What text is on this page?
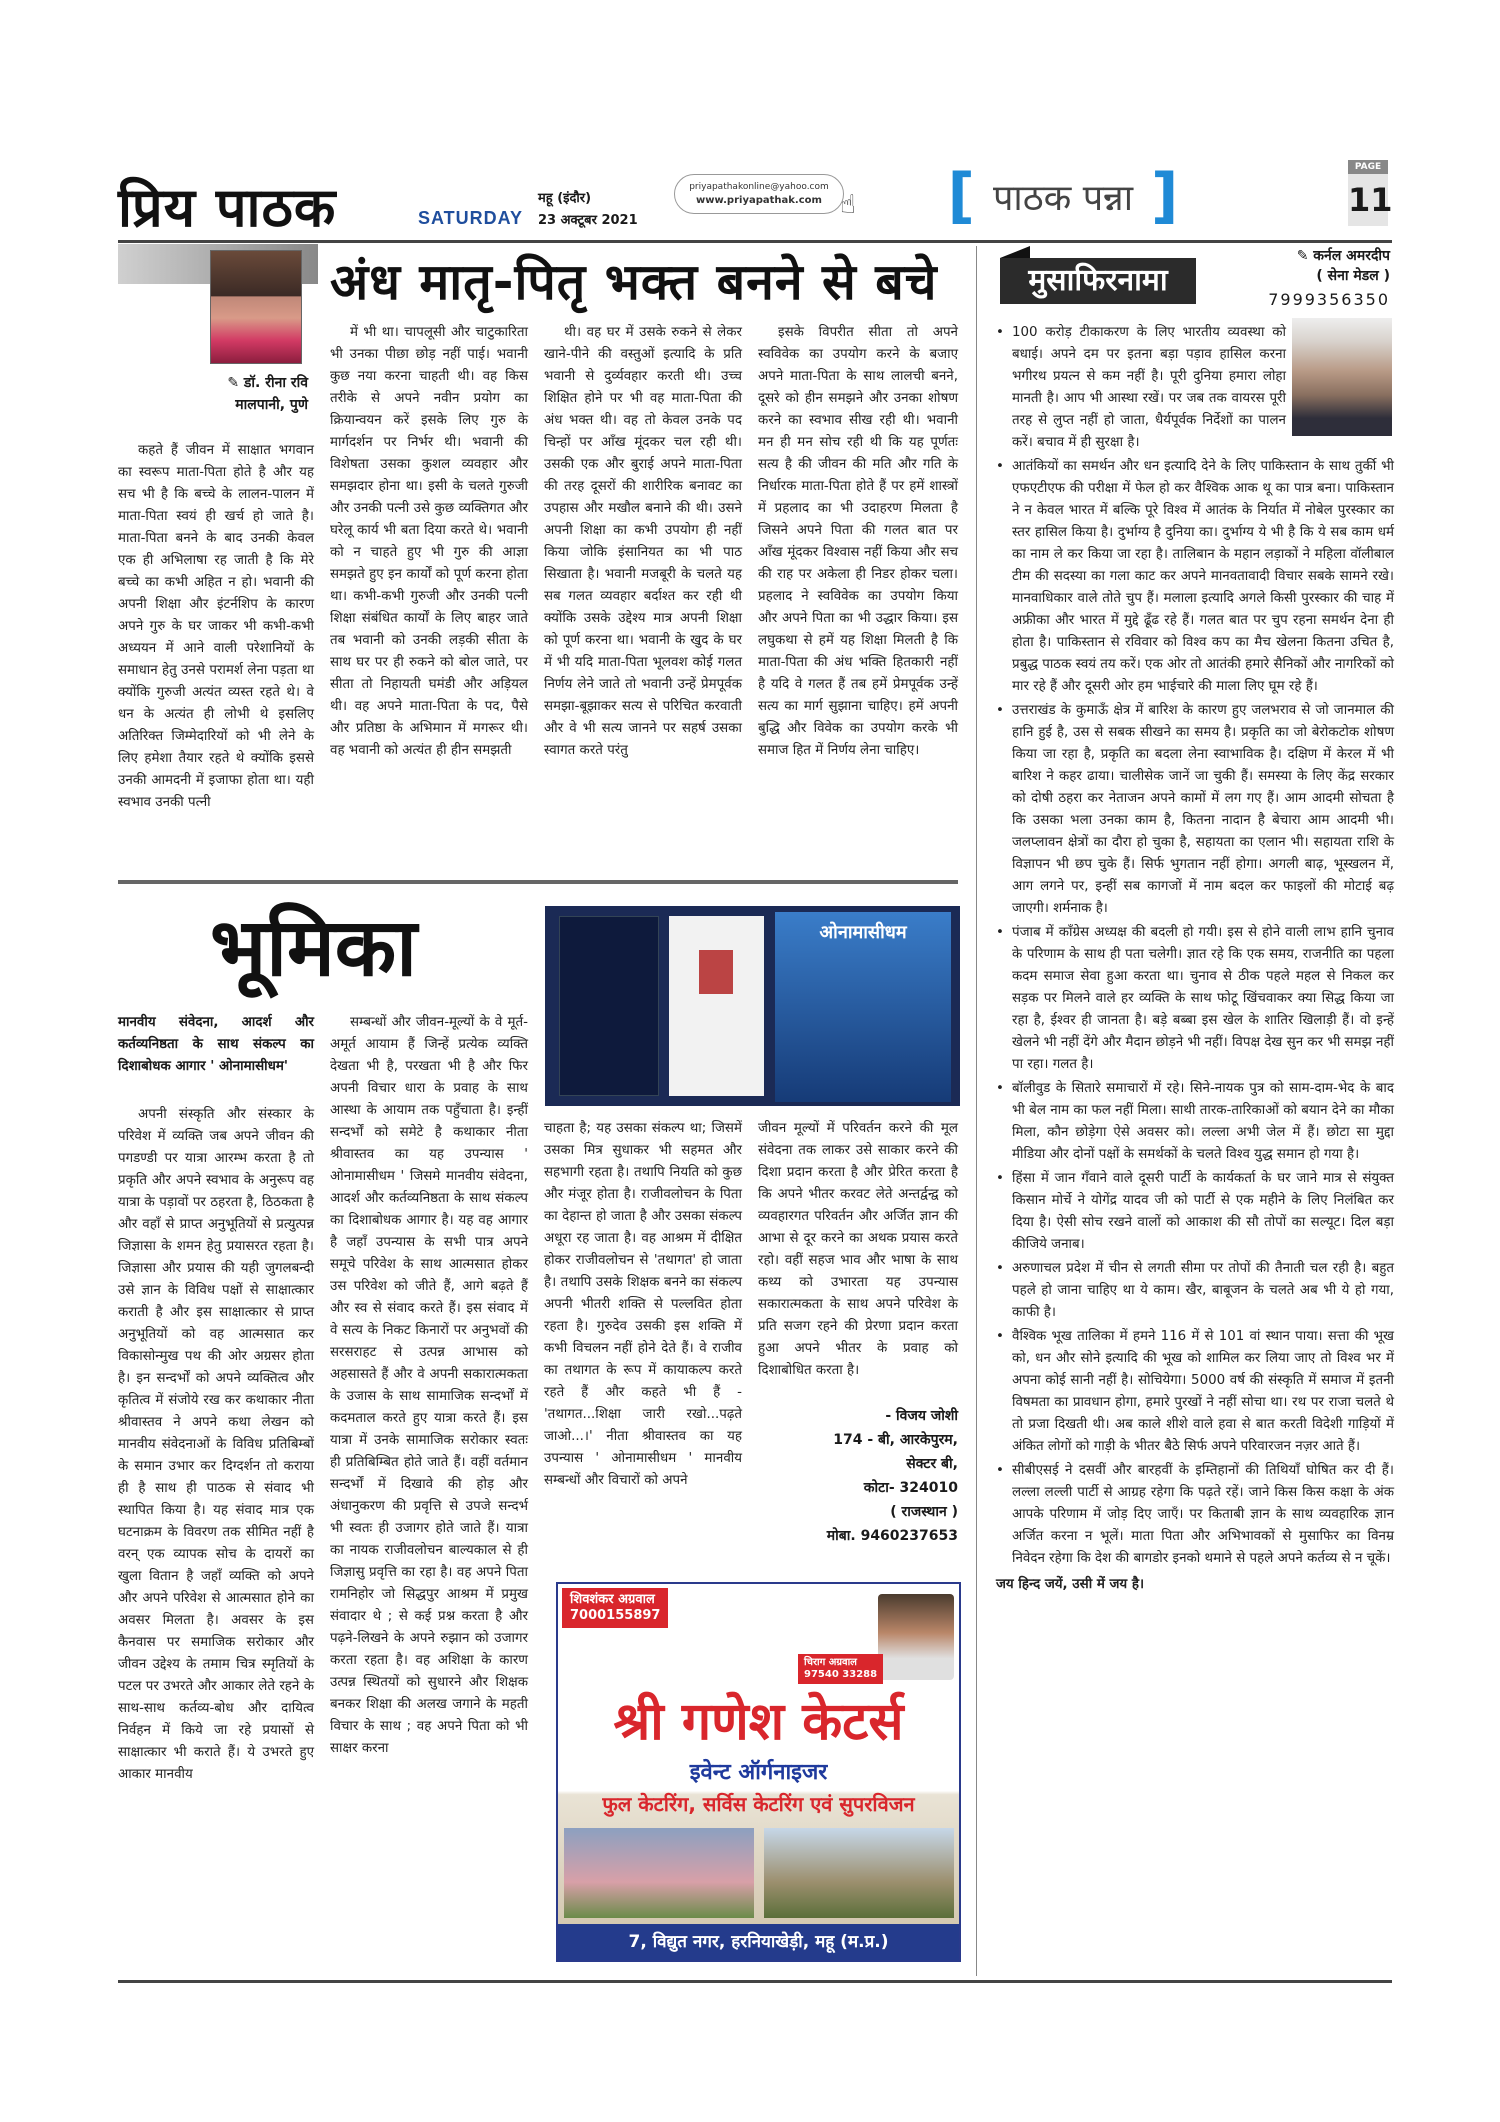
प्रिय पाठक	SATURDAY
महू (इंदौर)
23 अक्टूबर 2021
priyapathakonline@yahoo.com
www.priyapathak.com ☝ [ पाठक पन्ना ]	PAGE
11
अंध मातृ-पितृ भक्त बनने से बचे
✎ डॉ. रीना रवि
मालपानी, पुणे

कहते हैं जीवन में साक्षात भगवान का स्वरूप माता-पिता होते है और यह सच भी है कि बच्चे के लालन-पालन में माता-पिता स्वयं ही खर्च हो जाते है। माता-पिता बनने के बाद उनकी केवल एक ही अभिलाषा रह जाती है कि मेरे बच्चे का कभी अहित न हो। भवानी की अपनी शिक्षा और इंटर्नशिप के कारण अपने गुरु के घर जाकर भी कभी-कभी अध्ययन में आने वाली परेशानियों के समाधान हेतु उनसे परामर्श लेना पड़ता था क्योंकि गुरुजी अत्यंत व्यस्त रहते थे। वे धन के अत्यंत ही लोभी थे इसलिए अतिरिक्त जिम्मेदारियों को भी लेने के लिए हमेशा तैयार रहते थे क्योंकि इससे उनकी आमदनी में इजाफा होता था। यही स्वभाव उनकी पत्नी

में भी था। चापलूसी और चाटुकारिता भी उनका पीछा छोड़ नहीं पाई। भवानी कुछ नया करना चाहती थी। वह किस तरीके से अपने नवीन प्रयोग का क्रियान्वयन करें इसके लिए गुरु के मार्गदर्शन पर निर्भर थी। भवानी की विशेषता उसका कुशल व्यवहार और समझदार होना था। इसी के चलते गुरुजी और उनकी पत्नी उसे कुछ व्यक्तिगत और घरेलू कार्य भी बता दिया करते थे। भवानी को न चाहते हुए भी गुरु की आज्ञा समझते हुए इन कार्यों को पूर्ण करना होता था। कभी-कभी गुरुजी और उनकी पत्नी शिक्षा संबंधित कार्यों के लिए बाहर जाते तब भवानी को उनकी लड़की सीता के साथ घर पर ही रुकने को बोल जाते, पर सीता तो निहायती घमंडी और अड़ियल थी। वह अपने माता-पिता के पद, पैसे और प्रतिष्ठा के अभिमान में मगरूर थी। वह भवानी को अत्यंत ही हीन समझती

थी। वह घर में उसके रुकने से लेकर खाने-पीने की वस्तुओं इत्यादि के प्रति भवानी से दुर्व्यवहार करती थी। उच्च शिक्षित होने पर भी वह माता-पिता की अंध भक्त थी। वह तो केवल उनके पद चिन्हों पर आँख मूंदकर चल रही थी। उसकी एक और बुराई अपने माता-पिता की तरह दूसरों की शारीरिक बनावट का उपहास और मखौल बनाने की थी। उसने अपनी शिक्षा का कभी उपयोग ही नहीं किया जोकि इंसानियत का भी पाठ सिखाता है। भवानी मजबूरी के चलते यह सब गलत व्यवहार बर्दाश्त कर रही थी क्योंकि उसके उद्देश्य मात्र अपनी शिक्षा को पूर्ण करना था। भवानी के खुद के घर में भी यदि माता-पिता भूलवश कोई गलत निर्णय लेने जाते तो भवानी उन्हें प्रेमपूर्वक समझा-बूझाकर सत्य से परिचित करवाती और वे भी सत्य जानने पर सहर्ष उसका स्वागत करते परंतु

इसके विपरीत सीता तो अपने स्वविवेक का उपयोग करने के बजाए अपने माता-पिता के साथ लालची बनने, दूसरे को हीन समझने और उनका शोषण करने का स्वभाव सीख रही थी। भवानी मन ही मन सोच रही थी कि यह पूर्णतः सत्य है की जीवन की मति और गति के निर्धारक माता-पिता होते हैं पर हमें शास्त्रों में प्रहलाद का भी उदाहरण मिलता है जिसने अपने पिता की गलत बात पर आँख मूंदकर विश्वास नहीं किया और सच की राह पर अकेला ही निडर होकर चला। प्रहलाद ने स्वविवेक का उपयोग किया और अपने पिता का भी उद्धार किया। इस लघुकथा से हमें यह शिक्षा मिलती है कि माता-पिता की अंध भक्ति हितकारी नहीं है यदि वे गलत हैं तब हमें प्रेमपूर्वक उन्हें सत्य का मार्ग सुझाना चाहिए। हमें अपनी बुद्धि और विवेक का उपयोग करके भी समाज हित में निर्णय लेना चाहिए।

भूमिका
मानवीय संवेदना, आदर्श और कर्तव्यनिष्ठता के साथ संकल्प का दिशाबोधक आगार ' ओनामासीधम'

अपनी संस्कृति और संस्कार के परिवेश में व्यक्ति जब अपने जीवन की पगडण्डी पर यात्रा आरम्भ करता है तो प्रकृति और अपने स्वभाव के अनुरूप वह यात्रा के पड़ावों पर ठहरता है, ठिठकता है और वहाँ से प्राप्त अनुभूतियों से प्रत्युत्पन्न जिज्ञासा के शमन हेतु प्रयासरत रहता है। जिज्ञासा और प्रयास की यही जुगलबन्दी उसे ज्ञान के विविध पक्षों से साक्षात्कार कराती है और इस साक्षात्कार से प्राप्त अनुभूतियों को वह आत्मसात कर विकासोन्मुख पथ की ओर अग्रसर होता है। इन सन्दर्भों को अपने व्यक्तित्व और कृतित्व में संजोये रख कर कथाकार नीता श्रीवास्तव ने अपने कथा लेखन को मानवीय संवेदनाओं के विविध प्रतिबिम्बों के समान उभार कर दिग्दर्शन तो कराया ही है साथ ही पाठक से संवाद भी स्थापित किया है। यह संवाद मात्र एक घटनाक्रम के विवरण तक सीमित नहीं है वरन् एक व्यापक सोच के दायरों का खुला वितान है जहाँ व्यक्ति को अपने और अपने परिवेश से आत्मसात होने का अवसर मिलता है। अवसर के इस कैनवास पर समाजिक सरोकार और जीवन उद्देश्य के तमाम चित्र स्मृतियों के पटल पर उभरते और आकार लेते रहने के साथ-साथ कर्तव्य-बोध और दायित्व निर्वहन में किये जा रहे प्रयासों से साक्षात्कार भी कराते हैं। ये उभरते हुए आकार मानवीय

सम्बन्धों और जीवन-मूल्यों के वे मूर्त-अमूर्त आयाम हैं जिन्हें प्रत्येक व्यक्ति देखता भी है, परखता भी है और फिर अपनी विचार धारा के प्रवाह के साथ आस्था के आयाम तक पहुँचाता है। इन्हीं सन्दर्भों को समेटे है कथाकार नीता श्रीवास्तव का यह उपन्यास ' ओनामासीधम ' जिसमे मानवीय संवेदना, आदर्श और कर्तव्यनिष्ठता के साथ संकल्प का दिशाबोधक आगार है। यह वह आगार है जहाँ उपन्यास के सभी पात्र अपने समूचे परिवेश के साथ आत्मसात होकर उस परिवेश को जीते हैं, आगे बढ़ते हैं और स्व से संवाद करते हैं। इस संवाद में वे सत्य के निकट किनारों पर अनुभवों की सरसराहट से उत्पन्न आभास को अहसासते हैं और वे अपनी सकारात्मकता के उजास के साथ सामाजिक सन्दर्भों में कदमताल करते हुए यात्रा करते हैं। इस यात्रा में उनके सामाजिक सरोकार स्वतः ही प्रतिबिम्बित होते जाते हैं। वहीं वर्तमान सन्दर्भों में दिखावे की होड़ और अंधानुकरण की प्रवृत्ति से उपजे सन्दर्भ भी स्वतः ही उजागर होते जाते हैं। यात्रा का नायक राजीवलोचन बाल्यकाल से ही जिज्ञासु प्रवृत्ति का रहा है। वह अपने पिता रामनिहोर जो सिद्धपुर आश्रम में प्रमुख संवादार थे ; से कई प्रश्न करता है और पढ़ने-लिखने के अपने रुझान को उजागर करता रहता है। वह अशिक्षा के कारण उत्पन्न स्थितयों को सुधारने और शिक्षक बनकर शिक्षा की अलख जगाने के महती विचार के साथ ; वह अपने पिता को भी साक्षर करना

ओनामासीधम

चाहता है; यह उसका संकल्प था; जिसमें उसका मित्र सुधाकर भी सहमत और सहभागी रहता है। तथापि नियति को कुछ और मंजूर होता है। राजीवलोचन के पिता का देहान्त हो जाता है और उसका संकल्प अधूरा रह जाता है। वह आश्रम में दीक्षित होकर राजीवलोचन से 'तथागत' हो जाता है। तथापि उसके शिक्षक बनने का संकल्प अपनी भीतरी शक्ति से पल्लवित होता रहता है। गुरुदेव उसकी इस शक्ति में कभी विचलन नहीं होने देते हैं। वे राजीव का तथागत के रूप में कायाकल्प करते रहते हैं और कहते भी हैं - 'तथागत...शिक्षा जारी रखो...पढ़ते जाओ...।' नीता श्रीवास्तव का यह उपन्यास ' ओनामासीधम ' मानवीय सम्बन्धों और विचारों को अपने

जीवन मूल्यों में परिवर्तन करने की मूल संवेदना तक लाकर उसे साकार करने की दिशा प्रदान करता है और प्रेरित करता है कि अपने भीतर करवट लेते अन्तर्द्वन्द्व को व्यवहारगत परिवर्तन और अर्जित ज्ञान की आभा से दूर करने का अथक प्रयास करते रहो। वहीं सहज भाव और भाषा के साथ कथ्य को उभारता यह उपन्यास सकारात्मकता के साथ अपने परिवेश के प्रति सजग रहने की प्रेरणा प्रदान करता हुआ अपने भीतर के प्रवाह को दिशाबोधित करता है।

- विजय जोशी
174 - बी, आरकेपुरम,
सेक्टर बी,
कोटा- 324010
( राजस्थान )
मोबा. 9460237653
शिवशंकर अग्रवाल
7000155897
चिराग अग्रवाल
97540 33288
श्री गणेश केटर्स
इवेन्ट ऑर्गनाइजर
फुल केटरिंग, सर्विस केटरिंग एवं सुपरविजन
7, विद्युत नगर, हरनियाखेड़ी, महू (म.प्र.)
मुसाफिरनामा
✎ कर्नल अमरदीप
( सेना मेडल )
7999356350
• 100 करोड़ टीकाकरण के लिए भारतीय व्यवस्था को बधाई। अपने दम पर इतना बड़ा पड़ाव हासिल करना भगीरथ प्रयत्न से कम नहीं है। पूरी दुनिया हमारा लोहा मानती है। आप भी आस्था रखें। पर जब तक वायरस पूरी तरह से लुप्त नहीं हो जाता, धैर्यपूर्वक निर्देशों का पालन करें। बचाव में ही सुरक्षा है।
• आतंकियों का समर्थन और धन इत्यादि देने के लिए पाकिस्तान के साथ तुर्की भी एफएटीएफ की परीक्षा में फेल हो कर वैश्विक आक थू का पात्र बना। पाकिस्तान ने न केवल भारत में बल्कि पूरे विश्व में आतंक के निर्यात में नोबेल पुरस्कार का स्तर हासिल किया है। दुर्भाग्य है दुनिया का। दुर्भाग्य ये भी है कि ये सब काम धर्म का नाम ले कर किया जा रहा है। तालिबान के महान लड़ाकों ने महिला वॉलीबाल टीम की सदस्या का गला काट कर अपने मानवतावादी विचार सबके सामने रखे। मानवाधिकार वाले तोते चुप हैं। मलाला इत्यादि अगले किसी पुरस्कार की चाह में अफ्रीका और भारत में मुद्दे ढूँढ रहे हैं। गलत बात पर चुप रहना समर्थन देना ही होता है। पाकिस्तान से रविवार को विश्व कप का मैच खेलना कितना उचित है, प्रबुद्ध पाठक स्वयं तय करें। एक ओर तो आतंकी हमारे सैनिकों और नागरिकों को मार रहे हैं और दूसरी ओर हम भाईचारे की माला लिए घूम रहे हैं।
• उत्तराखंड के कुमाऊँ क्षेत्र में बारिश के कारण हुए जलभराव से जो जानमाल की हानि हुई है, उस से सबक सीखने का समय है। प्रकृति का जो बेरोकटोक शोषण किया जा रहा है, प्रकृति का बदला लेना स्वाभाविक है। दक्षिण में केरल में भी बारिश ने कहर ढाया। चालीसेक जानें जा चुकी हैं। समस्या के लिए केंद्र सरकार को दोषी ठहरा कर नेताजन अपने कामों में लग गए हैं। आम आदमी सोचता है कि उसका भला उनका काम है, कितना नादान है बेचारा आम आदमी भी। जलप्लावन क्षेत्रों का दौरा हो चुका है, सहायता का एलान भी। सहायता राशि के विज्ञापन भी छप चुके हैं। सिर्फ भुगतान नहीं होगा। अगली बाढ़, भूस्खलन में, आग लगने पर, इन्हीं सब कागजों में नाम बदल कर फाइलों की मोटाई बढ़ जाएगी। शर्मनाक है।
• पंजाब में काँग्रेस अध्यक्ष की बदली हो गयी। इस से होने वाली लाभ हानि चुनाव के परिणाम के साथ ही पता चलेगी। ज्ञात रहे कि एक समय, राजनीति का पहला कदम समाज सेवा हुआ करता था। चुनाव से ठीक पहले महल से निकल कर सड़क पर मिलने वाले हर व्यक्ति के साथ फोटू खिंचवाकर क्या सिद्ध किया जा रहा है, ईश्वर ही जानता है। बड़े बब्बा इस खेल के शातिर खिलाड़ी हैं। वो इन्हें खेलने भी नहीं देंगे और मैदान छोड़ने भी नहीं। विपक्ष देख सुन कर भी समझ नहीं पा रहा। गलत है।
• बॉलीवुड के सितारे समाचारों में रहे। सिने-नायक पुत्र को साम-दाम-भेद के बाद भी बेल नाम का फल नहीं मिला। साथी तारक-तारिकाओं को बयान देने का मौका मिला, कौन छोड़ेगा ऐसे अवसर को। लल्ला अभी जेल में हैं। छोटा सा मुद्दा मीडिया और दोनों पक्षों के समर्थकों के चलते विश्व युद्ध समान हो गया है।
• हिंसा में जान गँवाने वाले दूसरी पार्टी के कार्यकर्ता के घर जाने मात्र से संयुक्त किसान मोर्चे ने योगेंद्र यादव जी को पार्टी से एक महीने के लिए निलंबित कर दिया है। ऐसी सोच रखने वालों को आकाश की सौ तोपों का सल्यूट। दिल बड़ा कीजिये जनाब।
• अरुणाचल प्रदेश में चीन से लगती सीमा पर तोपों की तैनाती चल रही है। बहुत पहले हो जाना चाहिए था ये काम। खैर, बाबूजन के चलते अब भी ये हो गया, काफी है।
• वैश्विक भूख तालिका में हमने 116 में से 101 वां स्थान पाया। सत्ता की भूख को, धन और सोने इत्यादि की भूख को शामिल कर लिया जाए तो विश्व भर में अपना कोई सानी नहीं है। सोचियेगा। 5000 वर्ष की संस्कृति में समाज में इतनी विषमता का प्रावधान होगा, हमारे पुरखों ने नहीं सोचा था। रथ पर राजा चलते थे तो प्रजा दिखती थी। अब काले शीशे वाले हवा से बात करती विदेशी गाड़ियों में अंकित लोगों को गाड़ी के भीतर बैठे सिर्फ अपने परिवारजन नज़र आते हैं।
• सीबीएसई ने दसवीं और बारहवीं के इम्तिहानों की तिथियाँ घोषित कर दी हैं। लल्ला लल्ली पार्टी से आग्रह रहेगा कि पढ़ते रहें। जाने किस किस कक्षा के अंक आपके परिणाम में जोड़ दिए जाएँ। पर किताबी ज्ञान के साथ व्यवहारिक ज्ञान अर्जित करना न भूलें। माता पिता और अभिभावकों से मुसाफिर का विनम्र निवेदन रहेगा कि देश की बागडोर इनको थमाने से पहले अपने कर्तव्य से न चूकें।
जय हिन्द जयें, उसी में जय है।
